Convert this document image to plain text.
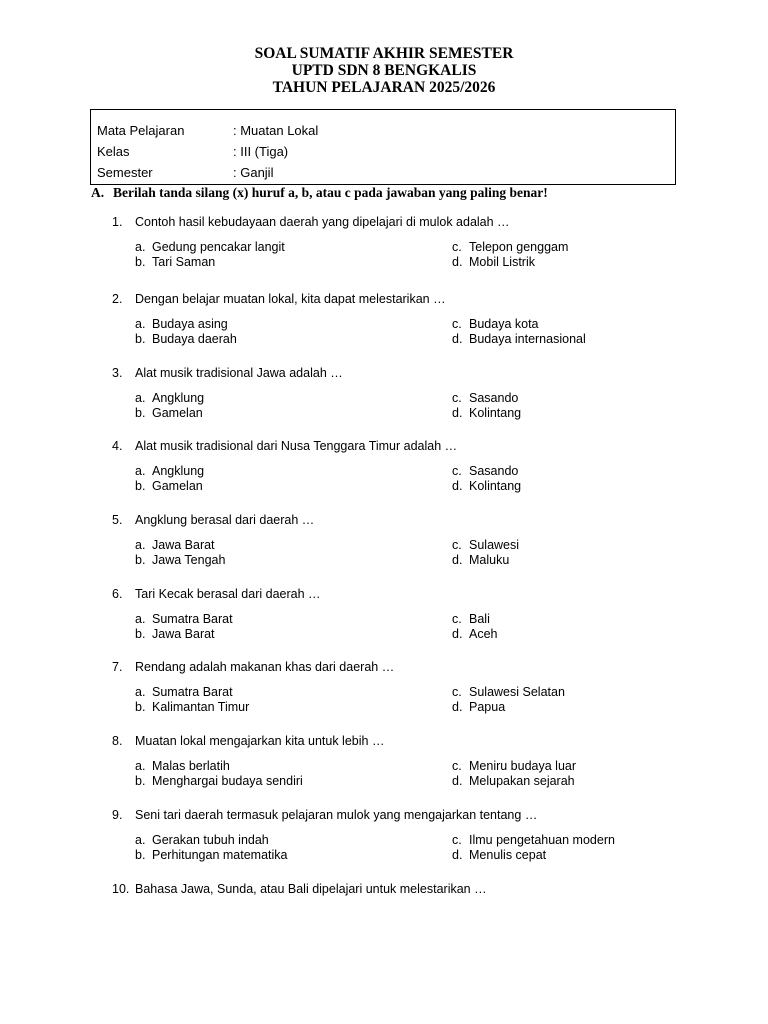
SOAL SUMATIF AKHIR SEMESTER
UPTD SDN 8 BENGKALIS
TAHUN PELAJARAN 2025/2026
Mata Pelajaran	: Muatan Lokal
Kelas	: III (Tiga)
Semester	: Ganjil
A. Berilah tanda silang (x) huruf a, b, atau c pada jawaban yang paling benar!
1. Contoh hasil kebudayaan daerah yang dipelajari di mulok adalah …
a. Gedung pencakar langit
b. Tari Saman
c. Telepon genggam
d. Mobil Listrik
2. Dengan belajar muatan lokal, kita dapat melestarikan …
a. Budaya asing
b. Budaya daerah
c. Budaya kota
d. Budaya internasional
3. Alat musik tradisional Jawa adalah …
a. Angklung
b. Gamelan
c. Sasando
d. Kolintang
4. Alat musik tradisional dari Nusa Tenggara Timur adalah …
a. Angklung
b. Gamelan
c. Sasando
d. Kolintang
5. Angklung berasal dari daerah …
a. Jawa Barat
b. Jawa Tengah
c. Sulawesi
d. Maluku
6. Tari Kecak berasal dari daerah …
a. Sumatra Barat
b. Jawa Barat
c. Bali
d. Aceh
7. Rendang adalah makanan khas dari daerah …
a. Sumatra Barat
b. Kalimantan Timur
c. Sulawesi Selatan
d. Papua
8. Muatan lokal mengajarkan kita untuk lebih …
a. Malas berlatih
b. Menghargai budaya sendiri
c. Meniru budaya luar
d. Melupakan sejarah
9. Seni tari daerah termasuk pelajaran mulok yang mengajarkan tentang …
a. Gerakan tubuh indah
b. Perhitungan matematika
c. Ilmu pengetahuan modern
d. Menulis cepat
10. Bahasa Jawa, Sunda, atau Bali dipelajari untuk melestarikan …
